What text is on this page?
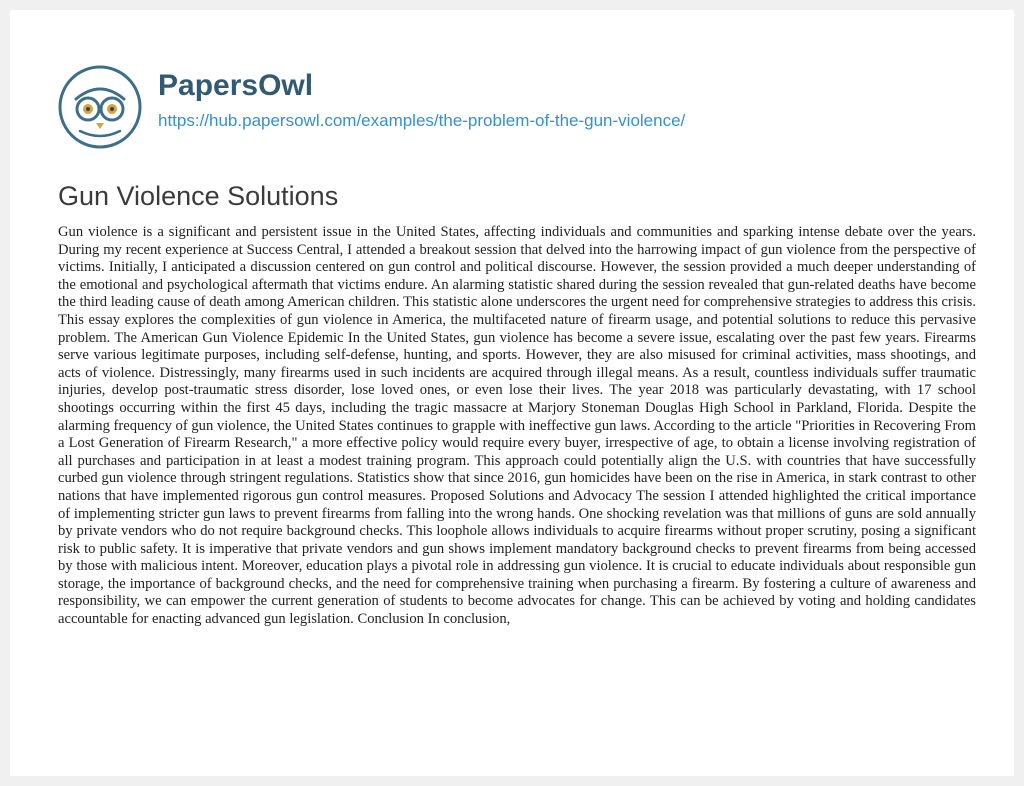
PapersOwl
https://hub.papersowl.com/examples/the-problem-of-the-gun-violence/
Gun Violence Solutions

Gun violence is a significant and persistent issue in the United States, affecting individuals and communities and sparking intense debate over the years. During my recent experience at Success Central, I attended a breakout session that delved into the harrowing impact of gun violence from the perspective of victims. Initially, I anticipated a discussion centered on gun control and political discourse. However, the session provided a much deeper understanding of the emotional and psychological aftermath that victims endure. An alarming statistic shared during the session revealed that gun-related deaths have become the third leading cause of death among American children. This statistic alone underscores the urgent need for comprehensive strategies to address this crisis. This essay explores the complexities of gun violence in America, the multifaceted nature of firearm usage, and potential solutions to reduce this pervasive problem. The American Gun Violence Epidemic In the United States, gun violence has become a severe issue, escalating over the past few years. Firearms serve various legitimate purposes, including self-defense, hunting, and sports. However, they are also misused for criminal activities, mass shootings, and acts of violence. Distressingly, many firearms used in such incidents are acquired through illegal means. As a result, countless individuals suffer traumatic injuries, develop post-traumatic stress disorder, lose loved ones, or even lose their lives. The year 2018 was particularly devastating, with 17 school shootings occurring within the first 45 days, including the tragic massacre at Marjory Stoneman Douglas High School in Parkland, Florida. Despite the alarming frequency of gun violence, the United States continues to grapple with ineffective gun laws. According to the article "Priorities in Recovering From a Lost Generation of Firearm Research," a more effective policy would require every buyer, irrespective of age, to obtain a license involving registration of all purchases and participation in at least a modest training program. This approach could potentially align the U.S. with countries that have successfully curbed gun violence through stringent regulations. Statistics show that since 2016, gun homicides have been on the rise in America, in stark contrast to other nations that have implemented rigorous gun control measures. Proposed Solutions and Advocacy The session I attended highlighted the critical importance of implementing stricter gun laws to prevent firearms from falling into the wrong hands. One shocking revelation was that millions of guns are sold annually by private vendors who do not require background checks. This loophole allows individuals to acquire firearms without proper scrutiny, posing a significant risk to public safety. It is imperative that private vendors and gun shows implement mandatory background checks to prevent firearms from being accessed by those with malicious intent. Moreover, education plays a pivotal role in addressing gun violence. It is crucial to educate individuals about responsible gun storage, the importance of background checks, and the need for comprehensive training when purchasing a firearm. By fostering a culture of awareness and responsibility, we can empower the current generation of students to become advocates for change. This can be achieved by voting and holding candidates accountable for enacting advanced gun legislation. Conclusion In conclusion,
